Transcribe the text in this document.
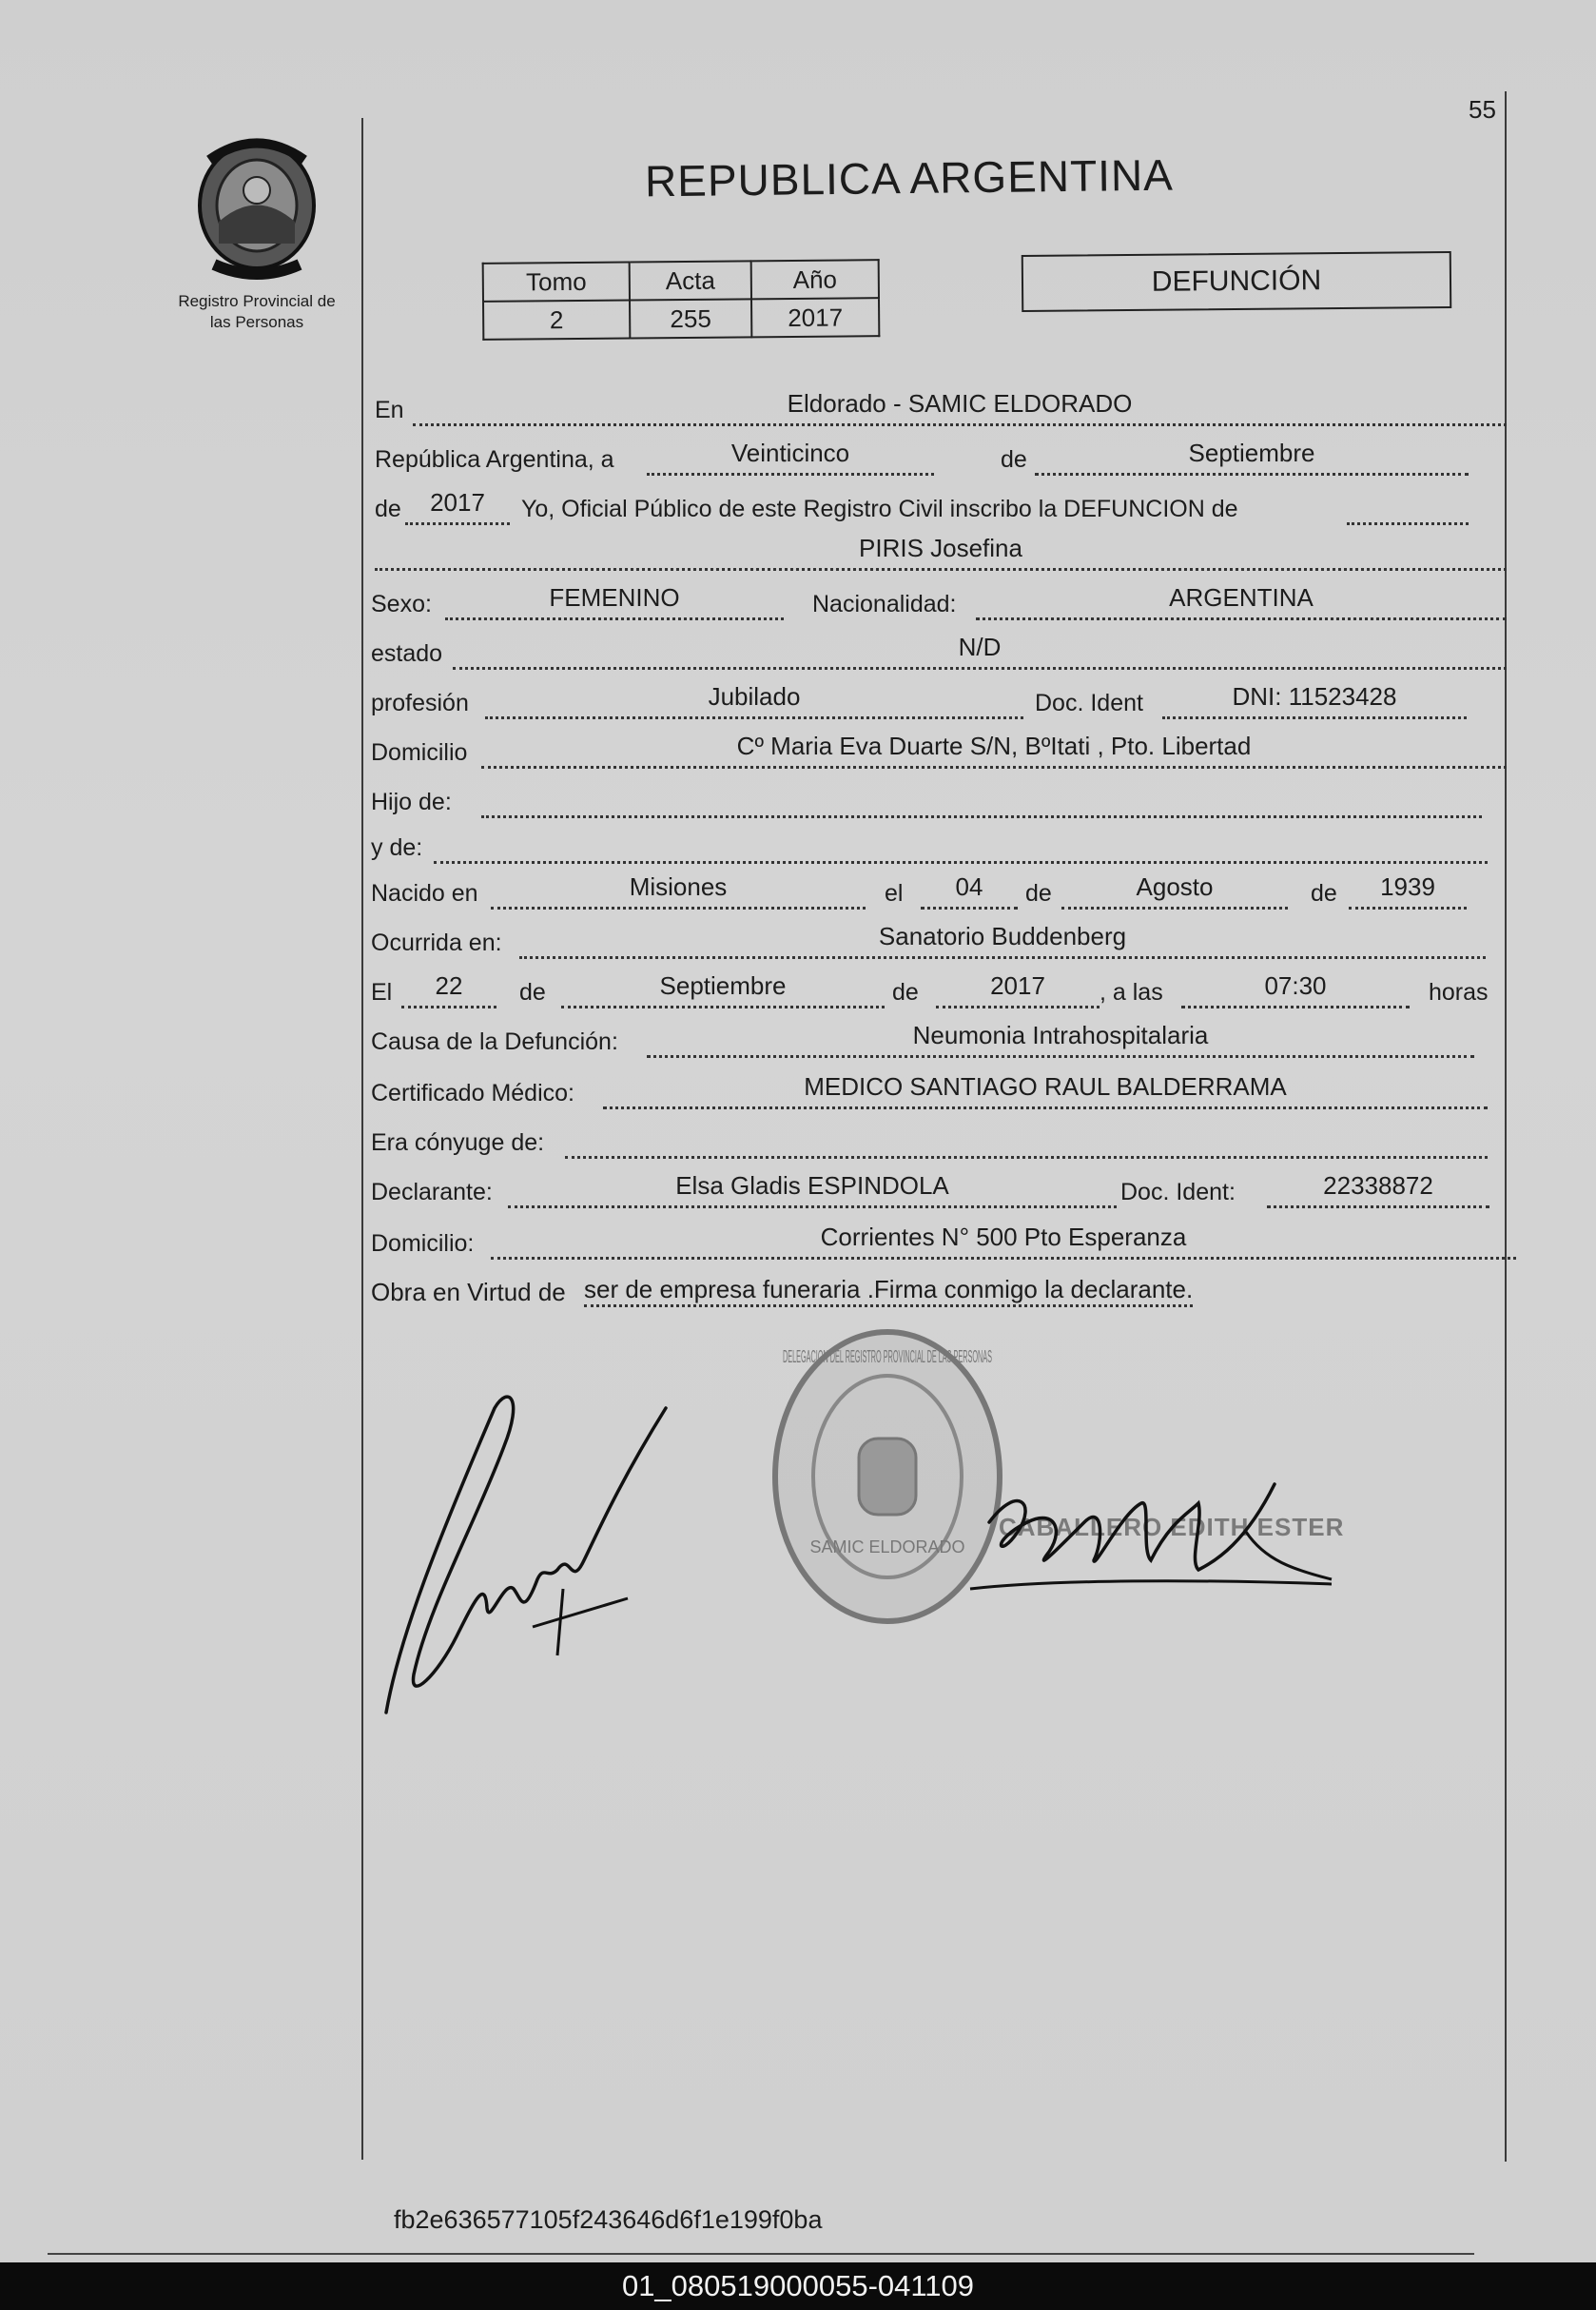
55
Registro Provincial de
las Personas
REPUBLICA ARGENTINA
Tomo	Acta	Año
2	255	2017
DEFUNCIÓN
En	Eldorado - SAMIC ELDORADO
República Argentina, a	Veinticinco	de	Septiembre
de	2017	Yo, Oficial Público de este Registro Civil inscribo la DEFUNCION de
PIRIS Josefina
Sexo:	FEMENINO	Nacionalidad:	ARGENTINA
estado	N/D
profesión	Jubilado	Doc. Ident	DNI: 11523428
Domicilio	Cº Maria Eva Duarte S/N, BºItati , Pto. Libertad
Hijo de:
y de:
Nacido en	Misiones	el	04	de	Agosto	de	1939
Ocurrida en:	Sanatorio Buddenberg
El	22	de	Septiembre	de	2017	, a las	07:30	horas
Causa de la Defunción:	Neumonia Intrahospitalaria
Certificado Médico:	MEDICO SANTIAGO RAUL BALDERRAMA
Era cónyuge de:
Declarante:	Elsa Gladis ESPINDOLA	Doc. Ident:	22338872
Domicilio:	Corrientes N° 500 Pto Esperanza
Obra en Virtud de ser de empresa funeraria .Firma conmigo la declarante.
DELEGACION DEL REGISTRO PROVINCIAL DE LAS PERSONAS
SAMIC ELDORADO
CABALLERO EDITH ESTER
fb2e636577105f243646d6f1e199f0ba
01_080519000055-041109
